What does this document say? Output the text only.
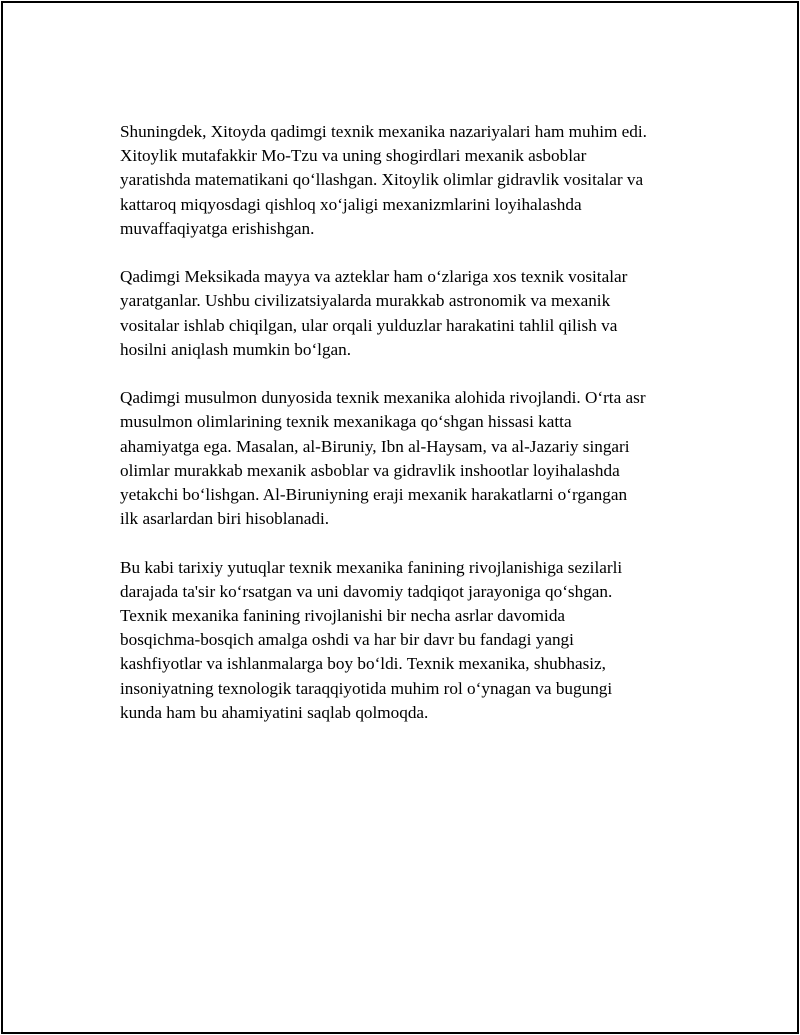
Shuningdek, Xitoyda qadimgi texnik mexanika nazariyalari ham muhim edi.
Xitoylik mutafakkir Mo-Tzu va uning shogirdlari mexanik asboblar
yaratishda matematikani qo‘llashgan. Xitoylik olimlar gidravlik vositalar va
kattaroq miqyosdagi qishloq xo‘jaligi mexanizmlarini loyihalashda
muvaffaqiyatga erishishgan.

Qadimgi Meksikada mayya va azteklar ham o‘zlariga xos texnik vositalar
yaratganlar. Ushbu civilizatsiyalarda murakkab astronomik va mexanik
vositalar ishlab chiqilgan, ular orqali yulduzlar harakatini tahlil qilish va
hosilni aniqlash mumkin bo‘lgan.

Qadimgi musulmon dunyosida texnik mexanika alohida rivojlandi. O‘rta asr
musulmon olimlarining texnik mexanikaga qo‘shgan hissasi katta
ahamiyatga ega. Masalan, al-Biruniy, Ibn al-Haysam, va al-Jazariy singari
olimlar murakkab mexanik asboblar va gidravlik inshootlar loyihalashda
yetakchi bo‘lishgan. Al-Biruniyning eraji mexanik harakatlarni o‘rgangan
ilk asarlardan biri hisoblanadi.

Bu kabi tarixiy yutuqlar texnik mexanika fanining rivojlanishiga sezilarli
darajada ta'sir ko‘rsatgan va uni davomiy tadqiqot jarayoniga qo‘shgan.
Texnik mexanika fanining rivojlanishi bir necha asrlar davomida
bosqichma-bosqich amalga oshdi va har bir davr bu fandagi yangi
kashfiyotlar va ishlanmalarga boy bo‘ldi. Texnik mexanika, shubhasiz,
insoniyatning texnologik taraqqiyotida muhim rol o‘ynagan va bugungi
kunda ham bu ahamiyatini saqlab qolmoqda.
